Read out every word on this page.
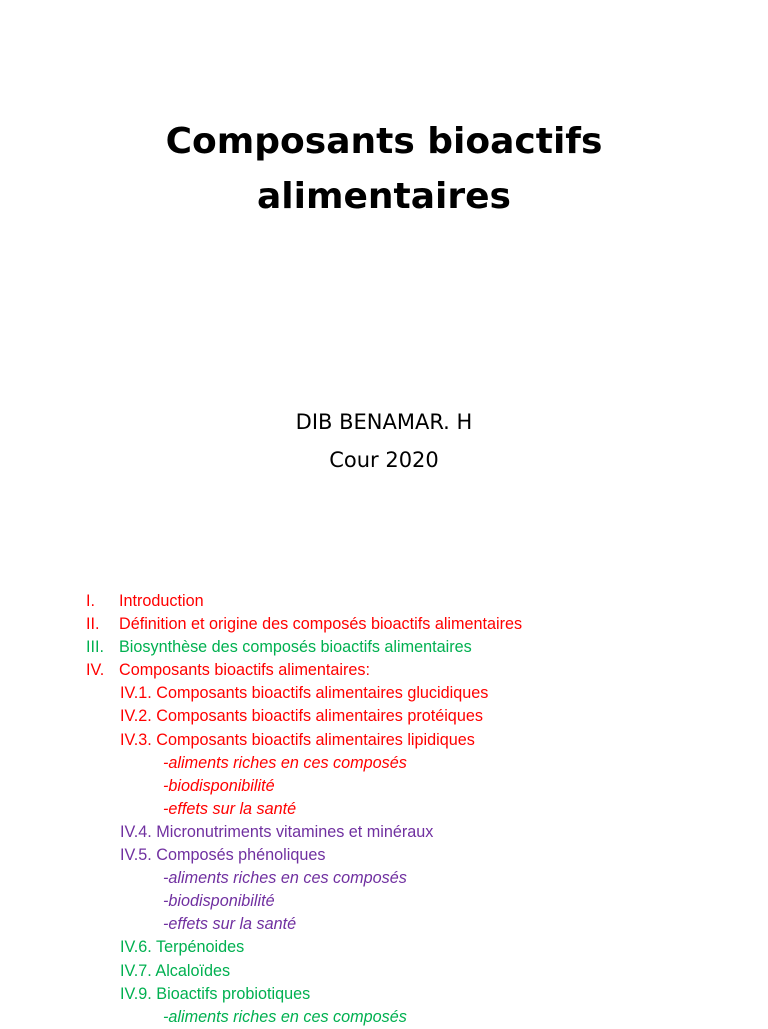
Composants bioactifs
alimentaires
DIB BENAMAR. H
Cour 2020
I. Introduction
II. Définition et origine des composés bioactifs alimentaires
III. Biosynthèse des composés bioactifs alimentaires
IV. Composants bioactifs alimentaires:
IV.1. Composants bioactifs alimentaires glucidiques
IV.2. Composants bioactifs alimentaires protéiques
IV.3. Composants bioactifs alimentaires lipidiques
-aliments riches en ces composés
-biodisponibilité
-effets sur la santé
IV.4. Micronutriments vitamines et minéraux
IV.5. Composés phénoliques
-aliments riches en ces composés
-biodisponibilité
-effets sur la santé
IV.6. Terpénoides
IV.7. Alcaloïdes
IV.9. Bioactifs probiotiques
-aliments riches en ces composés
